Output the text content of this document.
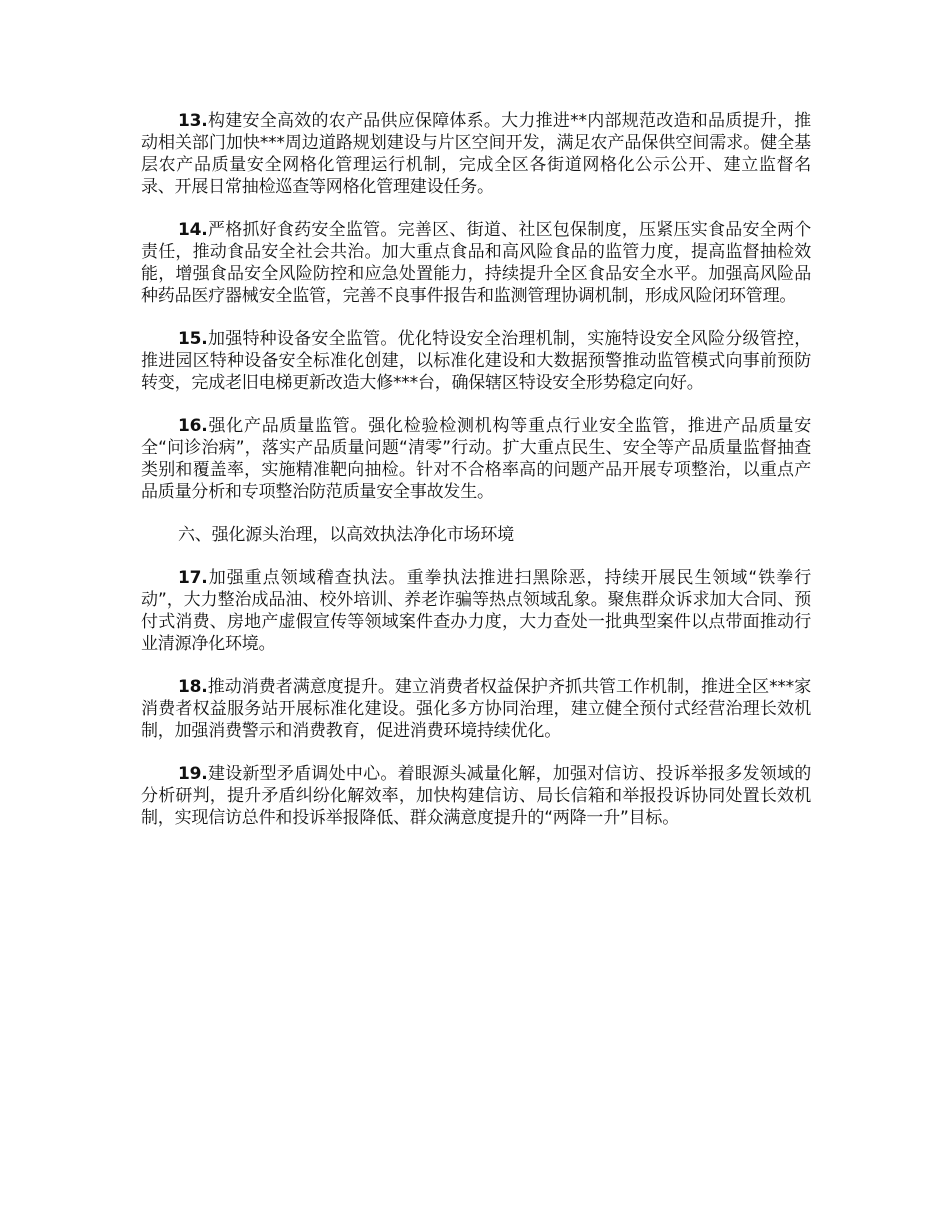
13.构建安全高效的农产品供应保障体系。大力推进**内部规范改造和品质提升，推动相关部门加快***周边道路规划建设与片区空间开发，满足农产品保供空间需求。健全基层农产品质量安全网格化管理运行机制，完成全区各街道网格化公示公开、建立监督名录、开展日常抽检巡查等网格化管理建设任务。

14.严格抓好食药安全监管。完善区、街道、社区包保制度，压紧压实食品安全两个责任，推动食品安全社会共治。加大重点食品和高风险食品的监管力度，提高监督抽检效能，增强食品安全风险防控和应急处置能力，持续提升全区食品安全水平。加强高风险品种药品医疗器械安全监管，完善不良事件报告和监测管理协调机制，形成风险闭环管理。

15.加强特种设备安全监管。优化特设安全治理机制，实施特设安全风险分级管控，推进园区特种设备安全标准化创建，以标准化建设和大数据预警推动监管模式向事前预防转变，完成老旧电梯更新改造大修***台，确保辖区特设安全形势稳定向好。

16.强化产品质量监管。强化检验检测机构等重点行业安全监管，推进产品质量安全“问诊治病”，落实产品质量问题“清零”行动。扩大重点民生、安全等产品质量监督抽查类别和覆盖率，实施精准靶向抽检。针对不合格率高的问题产品开展专项整治，以重点产品质量分析和专项整治防范质量安全事故发生。

六、强化源头治理，以高效执法净化市场环境

17.加强重点领域稽查执法。重拳执法推进扫黑除恶，持续开展民生领域“铁拳行动”，大力整治成品油、校外培训、养老诈骗等热点领域乱象。聚焦群众诉求加大合同、预付式消费、房地产虚假宣传等领域案件查办力度，大力查处一批典型案件以点带面推动行业清源净化环境。

18.推动消费者满意度提升。建立消费者权益保护齐抓共管工作机制，推进全区***家消费者权益服务站开展标准化建设。强化多方协同治理，建立健全预付式经营治理长效机制，加强消费警示和消费教育，促进消费环境持续优化。

19.建设新型矛盾调处中心。着眼源头减量化解，加强对信访、投诉举报多发领域的分析研判，提升矛盾纠纷化解效率，加快构建信访、局长信箱和举报投诉协同处置长效机制，实现信访总件和投诉举报降低、群众满意度提升的“两降一升”目标。
